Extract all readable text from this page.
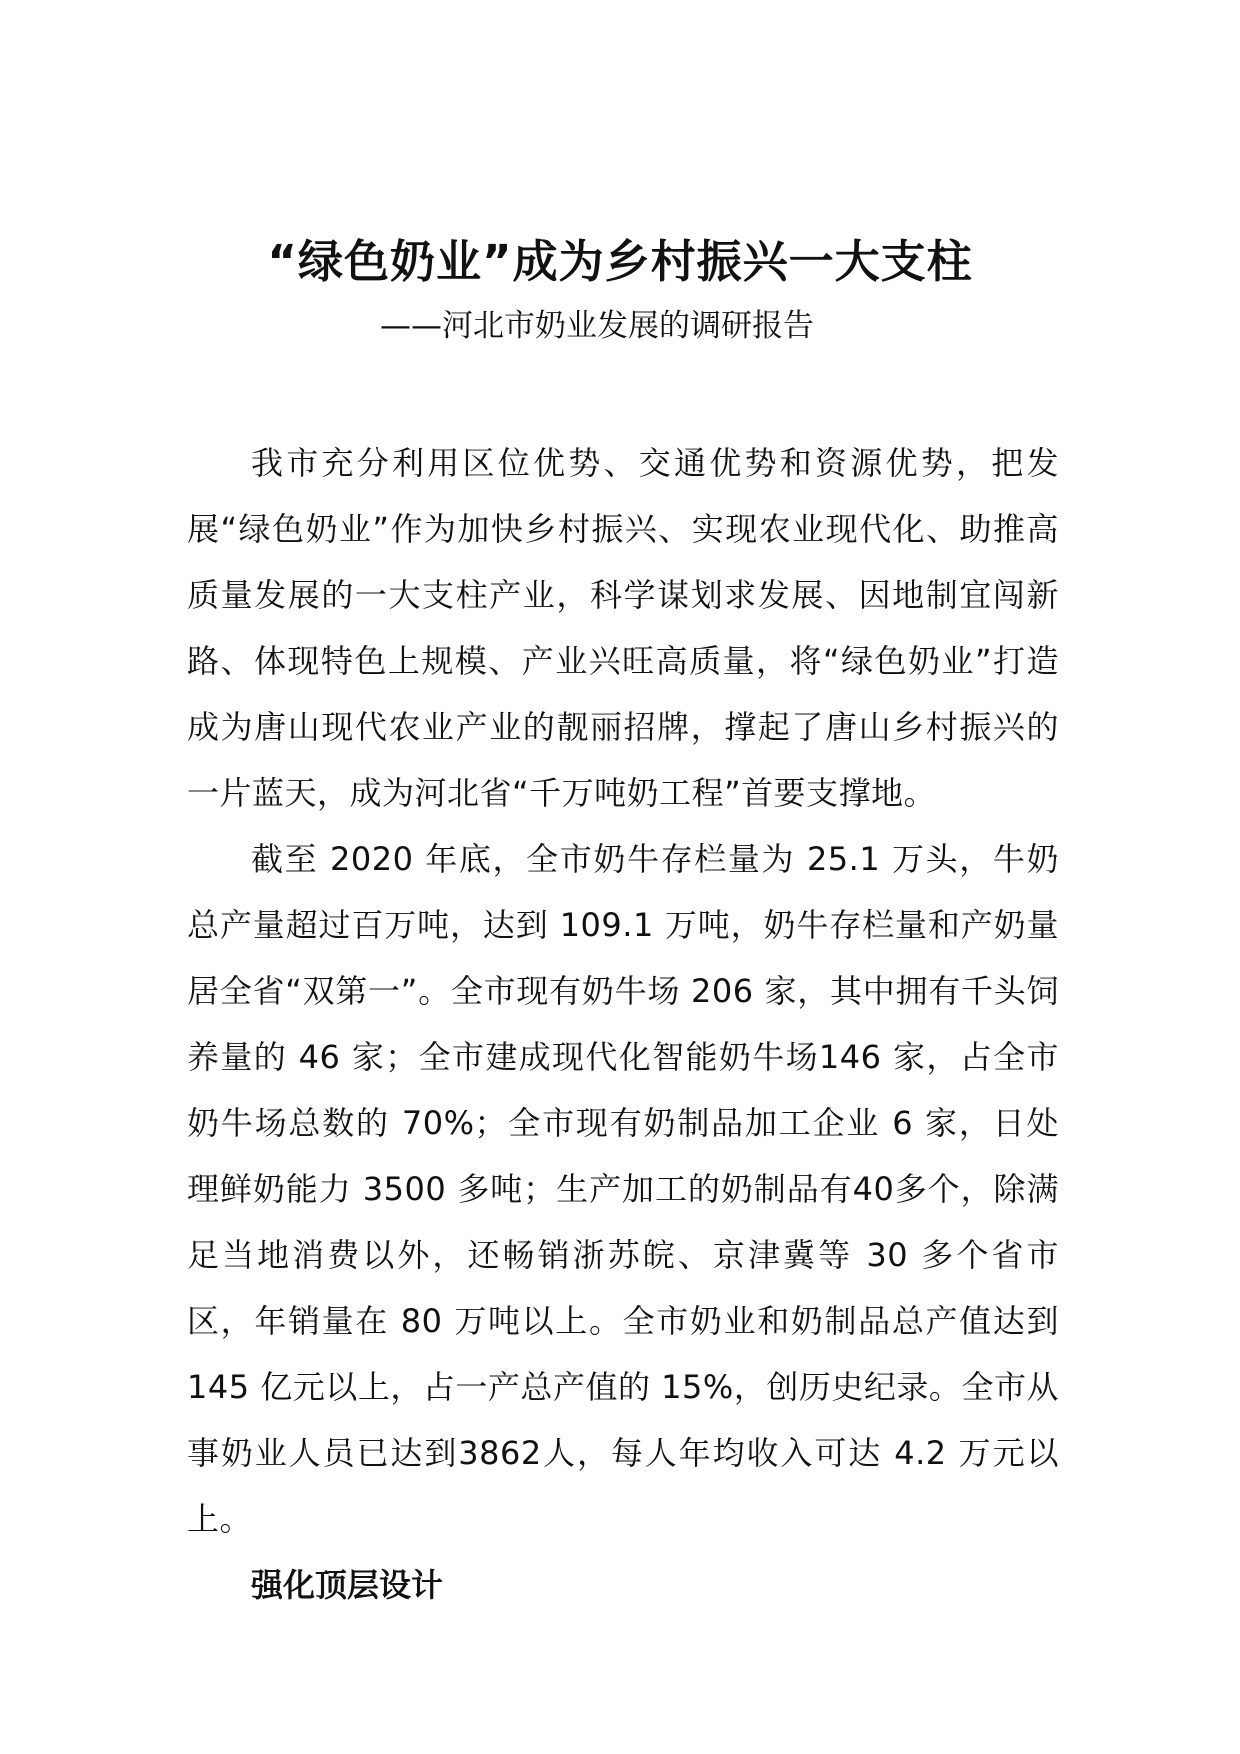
“绿色奶业”成为乡村振兴一大支柱

——河北市奶业发展的调研报告

我市充分利用区位优势、交通优势和资源优势，把发展“绿色奶业”作为加快乡村振兴、实现农业现代化、助推高质量发展的一大支柱产业，科学谋划求发展、因地制宜闯新路、体现特色上规模、产业兴旺高质量，将“绿色奶业”打造成为唐山现代农业产业的靓丽招牌，撑起了唐山乡村振兴的一片蓝天，成为河北省“千万吨奶工程”首要支撑地。

截至 2020 年底，全市奶牛存栏量为 25.1 万头，牛奶总产量超过百万吨，达到 109.1 万吨，奶牛存栏量和产奶量居全省“双第一”。全市现有奶牛场 206 家，其中拥有千头饲养量的 46 家；全市建成现代化智能奶牛场146 家，占全市奶牛场总数的 70%；全市现有奶制品加工企业 6 家，日处理鲜奶能力 3500 多吨；生产加工的奶制品有40多个，除满足当地消费以外，还畅销浙苏皖、京津冀等 30 多个省市区，年销量在 80 万吨以上。全市奶业和奶制品总产值达到 145 亿元以上，占一产总产值的 15%，创历史纪录。全市从事奶业人员已达到3862人，每人年均收入可达 4.2 万元以上。

强化顶层设计
